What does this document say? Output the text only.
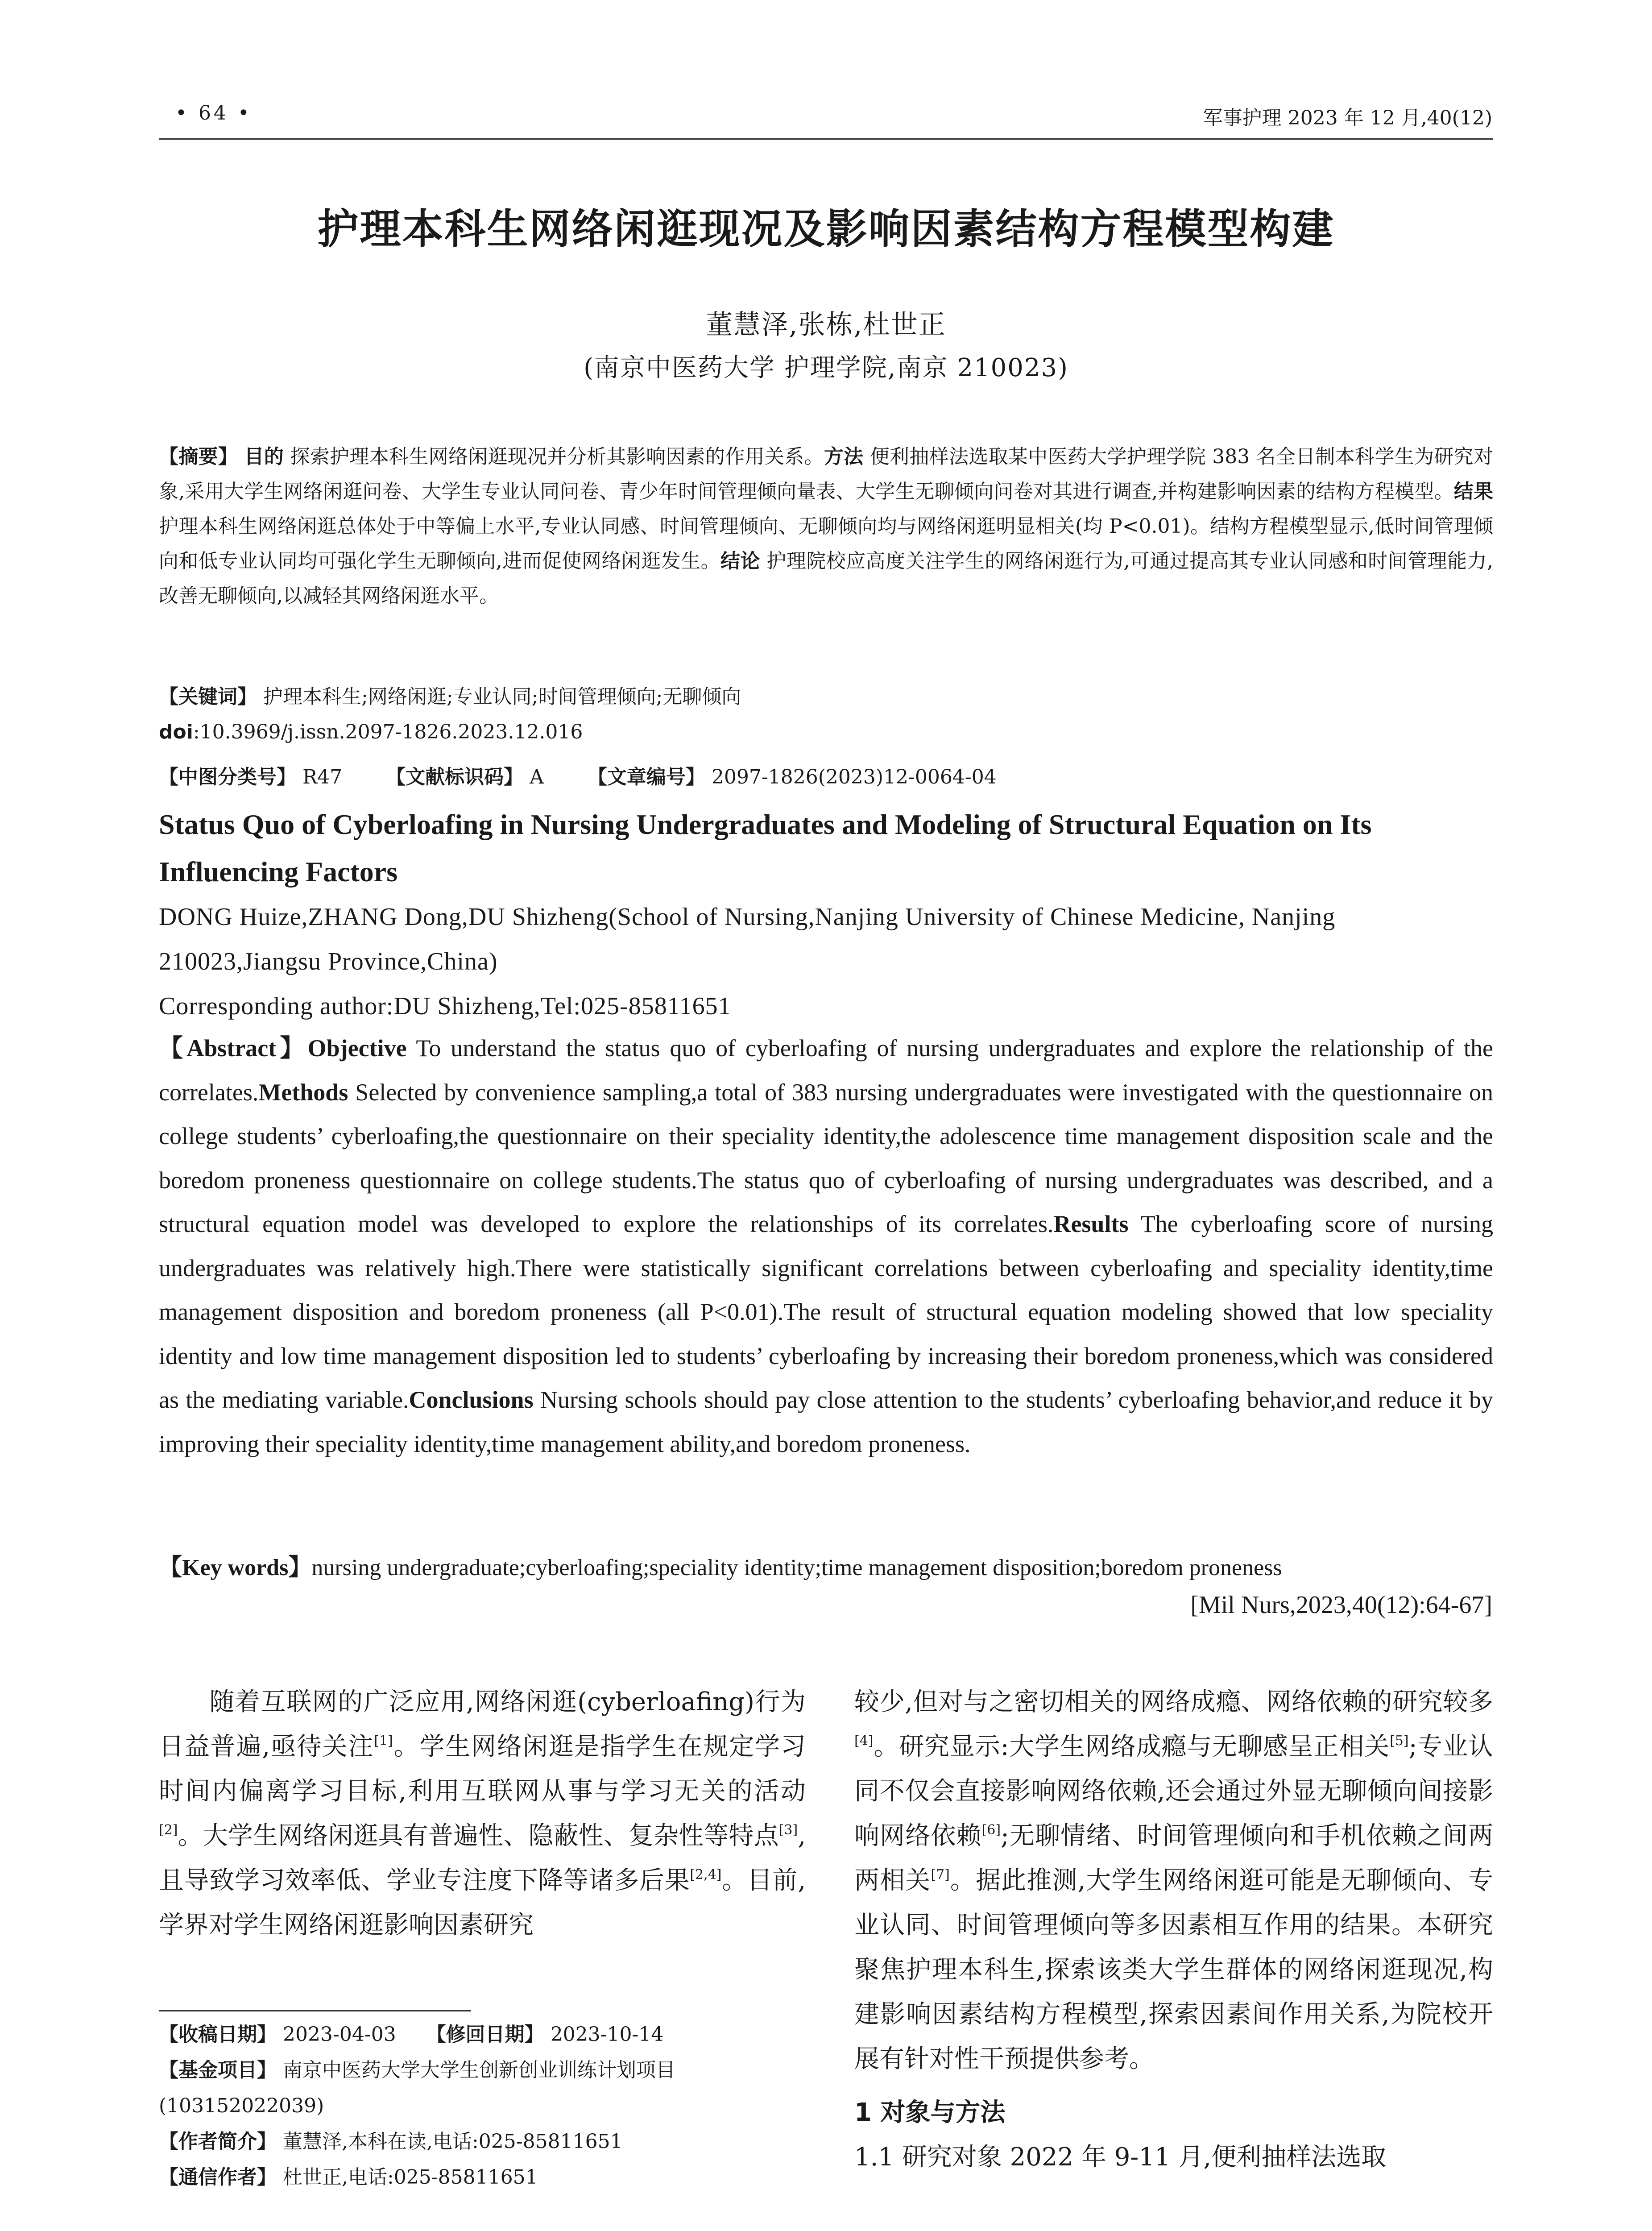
• 64 •	军事护理 2023 年 12 月,40(12)
护理本科生网络闲逛现况及影响因素结构方程模型构建
董慧泽,张栋,杜世正
(南京中医药大学 护理学院,南京 210023)
【摘要】 目的 探索护理本科生网络闲逛现况并分析其影响因素的作用关系。方法 便利抽样法选取某中医药大学护理学院 383 名全日制本科学生为研究对象,采用大学生网络闲逛问卷、大学生专业认同问卷、青少年时间管理倾向量表、大学生无聊倾向问卷对其进行调查,并构建影响因素的结构方程模型。结果 护理本科生网络闲逛总体处于中等偏上水平,专业认同感、时间管理倾向、无聊倾向均与网络闲逛明显相关(均 P<0.01)。结构方程模型显示,低时间管理倾向和低专业认同均可强化学生无聊倾向,进而促使网络闲逛发生。结论 护理院校应高度关注学生的网络闲逛行为,可通过提高其专业认同感和时间管理能力,改善无聊倾向,以减轻其网络闲逛水平。
【关键词】 护理本科生;网络闲逛;专业认同;时间管理倾向;无聊倾向
doi:10.3969/j.issn.2097-1826.2023.12.016
【中图分类号】 R47 【文献标识码】 A 【文章编号】 2097-1826(2023)12-0064-04
Status Quo of Cyberloafing in Nursing Undergraduates and Modeling of Structural Equation on Its Influencing Factors
DONG Huize,ZHANG Dong,DU Shizheng(School of Nursing,Nanjing University of Chinese Medicine, Nanjing 210023,Jiangsu Province,China)
Corresponding author:DU Shizheng,Tel:025-85811651
【Abstract】Objective To understand the status quo of cyberloafing of nursing undergraduates and explore the relationship of the correlates.Methods Selected by convenience sampling,a total of 383 nursing undergraduates were investigated with the questionnaire on college students’ cyberloafing,the questionnaire on their speciality identity,the adolescence time management disposition scale and the boredom proneness questionnaire on college students.The status quo of cyberloafing of nursing undergraduates was described, and a structural equation model was developed to explore the relationships of its correlates.Results The cyberloafing score of nursing undergraduates was relatively high.There were statistically significant correlations between cyberloafing and speciality identity,time management disposition and boredom proneness (all P<0.01).The result of structural equation modeling showed that low speciality identity and low time management disposition led to students’ cyberloafing by increasing their boredom proneness,which was considered as the mediating variable.Conclusions Nursing schools should pay close attention to the students’ cyberloafing behavior,and reduce it by improving their speciality identity,time management ability,and boredom proneness.
【Key words】nursing undergraduate;cyberloafing;speciality identity;time management disposition;boredom proneness
[Mil Nurs,2023,40(12):64-67]
随着互联网的广泛应用,网络闲逛(cyberloafing)行为日益普遍,亟待关注[1]。学生网络闲逛是指学生在规定学习时间内偏离学习目标,利用互联网从事与学习无关的活动[2]。大学生网络闲逛具有普遍性、隐蔽性、复杂性等特点[3],且导致学习效率低、学业专注度下降等诸多后果[2,4]。目前,学界对学生网络闲逛影响因素研究
较少,但对与之密切相关的网络成瘾、网络依赖的研究较多[4]。研究显示:大学生网络成瘾与无聊感呈正相关[5];专业认同不仅会直接影响网络依赖,还会通过外显无聊倾向间接影响网络依赖[6];无聊情绪、时间管理倾向和手机依赖之间两两相关[7]。据此推测,大学生网络闲逛可能是无聊倾向、专业认同、时间管理倾向等多因素相互作用的结果。本研究聚焦护理本科生,探索该类大学生群体的网络闲逛现况,构建影响因素结构方程模型,探索因素间作用关系,为院校开展有针对性干预提供参考。
1 对象与方法
1.1 研究对象 2022 年 9-11 月,便利抽样法选取
【收稿日期】 2023-04-03 【修回日期】 2023-10-14
【基金项目】 南京中医药大学大学生创新创业训练计划项目(103152022039)
【作者简介】 董慧泽,本科在读,电话:025-85811651
【通信作者】 杜世正,电话:025-85811651
